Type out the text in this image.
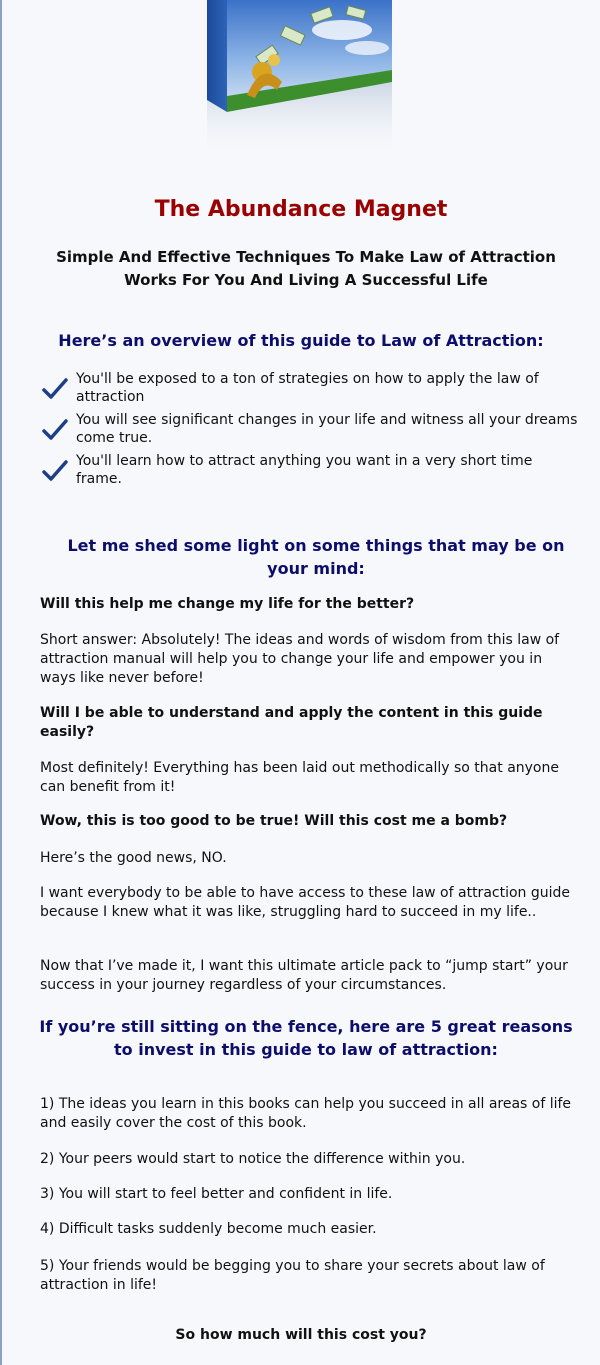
The Abundance Magnet
Simple And Effective Techniques To Make Law of Attraction Works For You And Living A Successful Life
Here’s an overview of this guide to Law of Attraction:
You'll be exposed to a ton of strategies on how to apply the law of attraction
You will see significant changes in your life and witness all your dreams come true.
You'll learn how to attract anything you want in a very short time frame.
Let me shed some light on some things that may be on your mind:

Will this help me change my life for the better?

Short answer: Absolutely! The ideas and words of wisdom from this law of attraction manual will help you to change your life and empower you in ways like never before!

Will I be able to understand and apply the content in this guide easily?

Most definitely! Everything has been laid out methodically so that anyone can benefit from it!

Wow, this is too good to be true! Will this cost me a bomb?

Here’s the good news, NO.

I want everybody to be able to have access to these law of attraction guide because I knew what it was like, struggling hard to succeed in my life..

Now that I’ve made it, I want this ultimate article pack to “jump start” your success in your journey regardless of your circumstances.

If you’re still sitting on the fence, here are 5 great reasons to invest in this guide to law of attraction:

1) The ideas you learn in this books can help you succeed in all areas of life and easily cover the cost of this book.

2) Your peers would start to notice the difference within you.

3) You will start to feel better and confident in life.

4) Difficult tasks suddenly become much easier.

5) Your friends would be begging you to share your secrets about law of attraction in life!

So how much will this cost you?
